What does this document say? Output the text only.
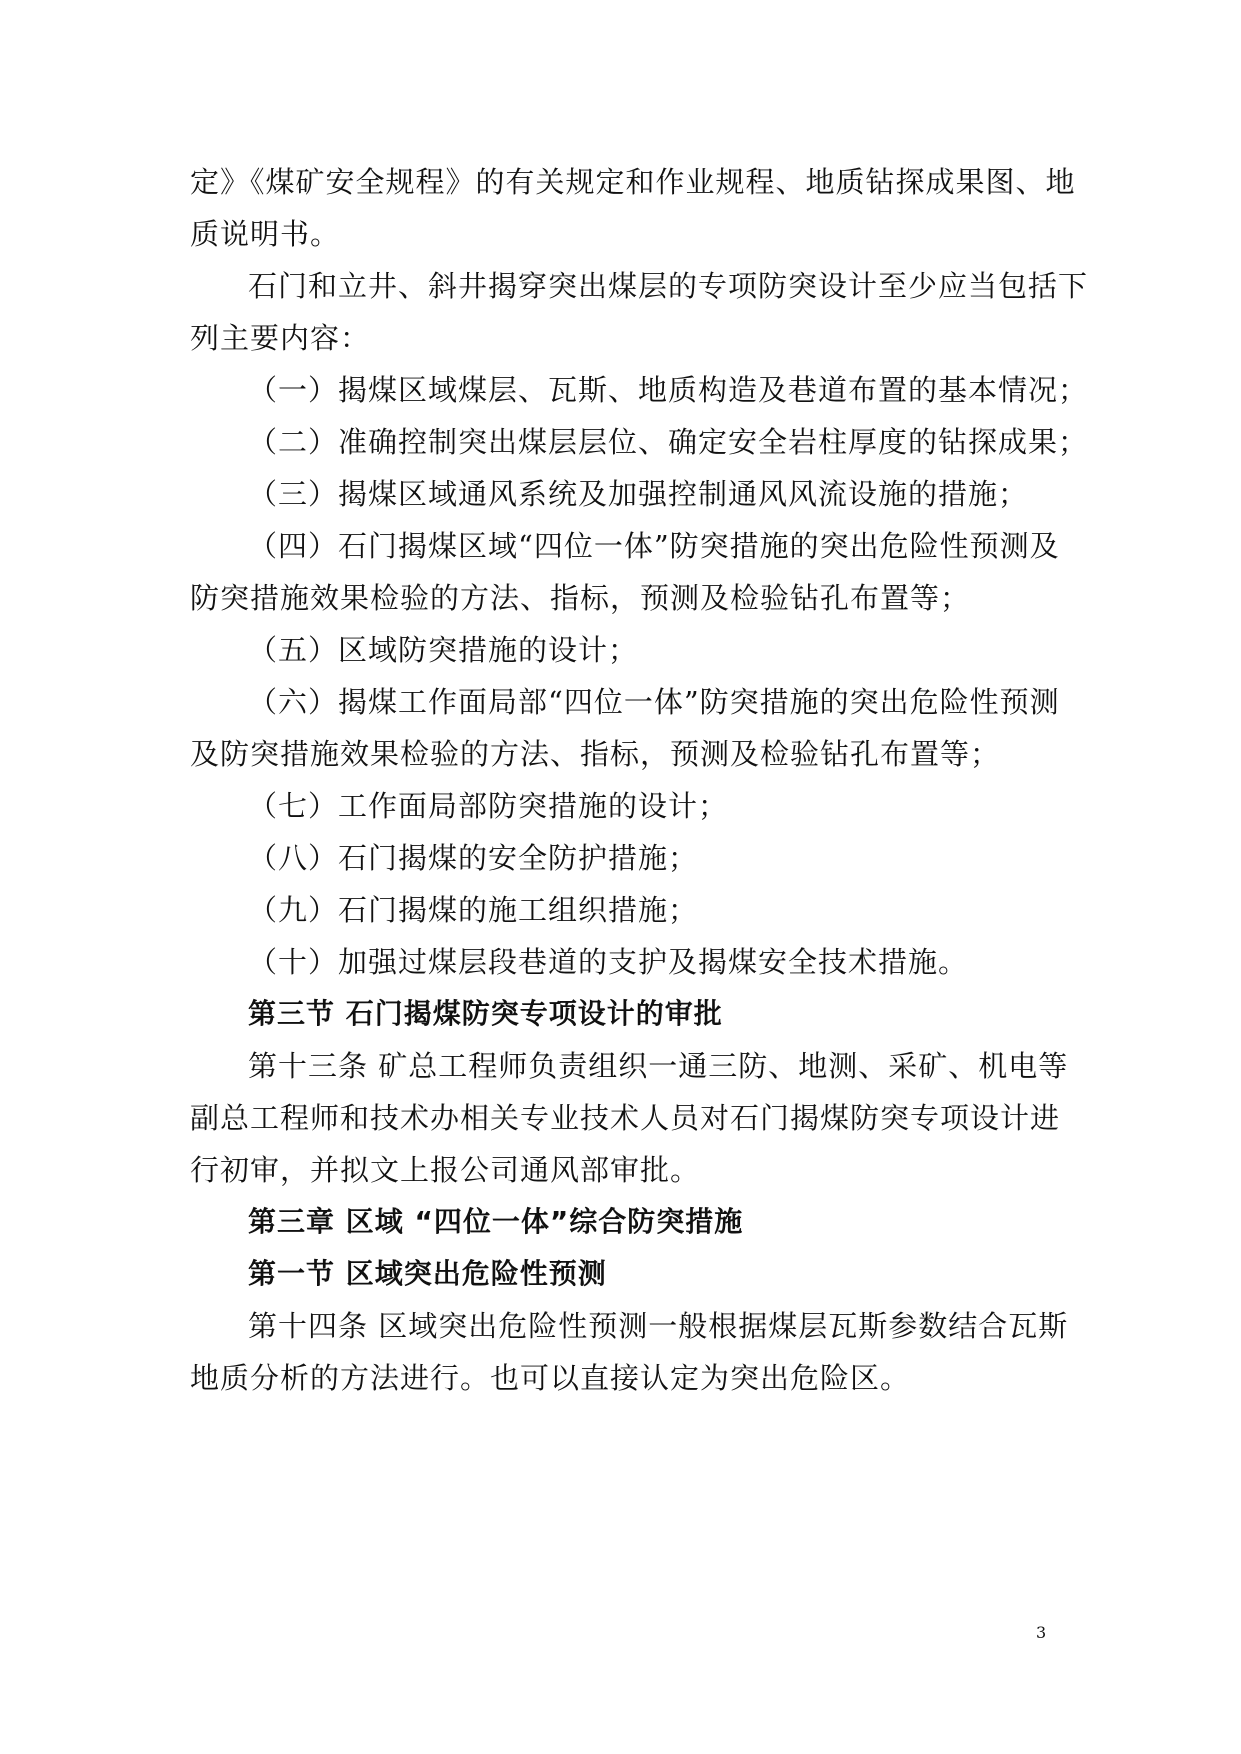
定》《煤矿安全规程》的有关规定和作业规程、地质钻探成果图、地
质说明书。
石门和立井、斜井揭穿突出煤层的专项防突设计至少应当包括下
列主要内容：
（一）揭煤区域煤层、瓦斯、地质构造及巷道布置的基本情况；
（二）准确控制突出煤层层位、确定安全岩柱厚度的钻探成果；
（三）揭煤区域通风系统及加强控制通风风流设施的措施；
（四）石门揭煤区域“四位一体”防突措施的突出危险性预测及
防突措施效果检验的方法、指标，预测及检验钻孔布置等；
（五）区域防突措施的设计；
（六）揭煤工作面局部“四位一体”防突措施的突出危险性预测
及防突措施效果检验的方法、指标，预测及检验钻孔布置等；
（七）工作面局部防突措施的设计；
（八）石门揭煤的安全防护措施；
（九）石门揭煤的施工组织措施；
（十）加强过煤层段巷道的支护及揭煤安全技术措施。
第三节 石门揭煤防突专项设计的审批
第十三条 矿总工程师负责组织一通三防、地测、采矿、机电等
副总工程师和技术办相关专业技术人员对石门揭煤防突专项设计进
行初审，并拟文上报公司通风部审批。
第三章 区域 “四位一体”综合防突措施
第一节 区域突出危险性预测
第十四条 区域突出危险性预测一般根据煤层瓦斯参数结合瓦斯
地质分析的方法进行。也可以直接认定为突出危险区。
3
